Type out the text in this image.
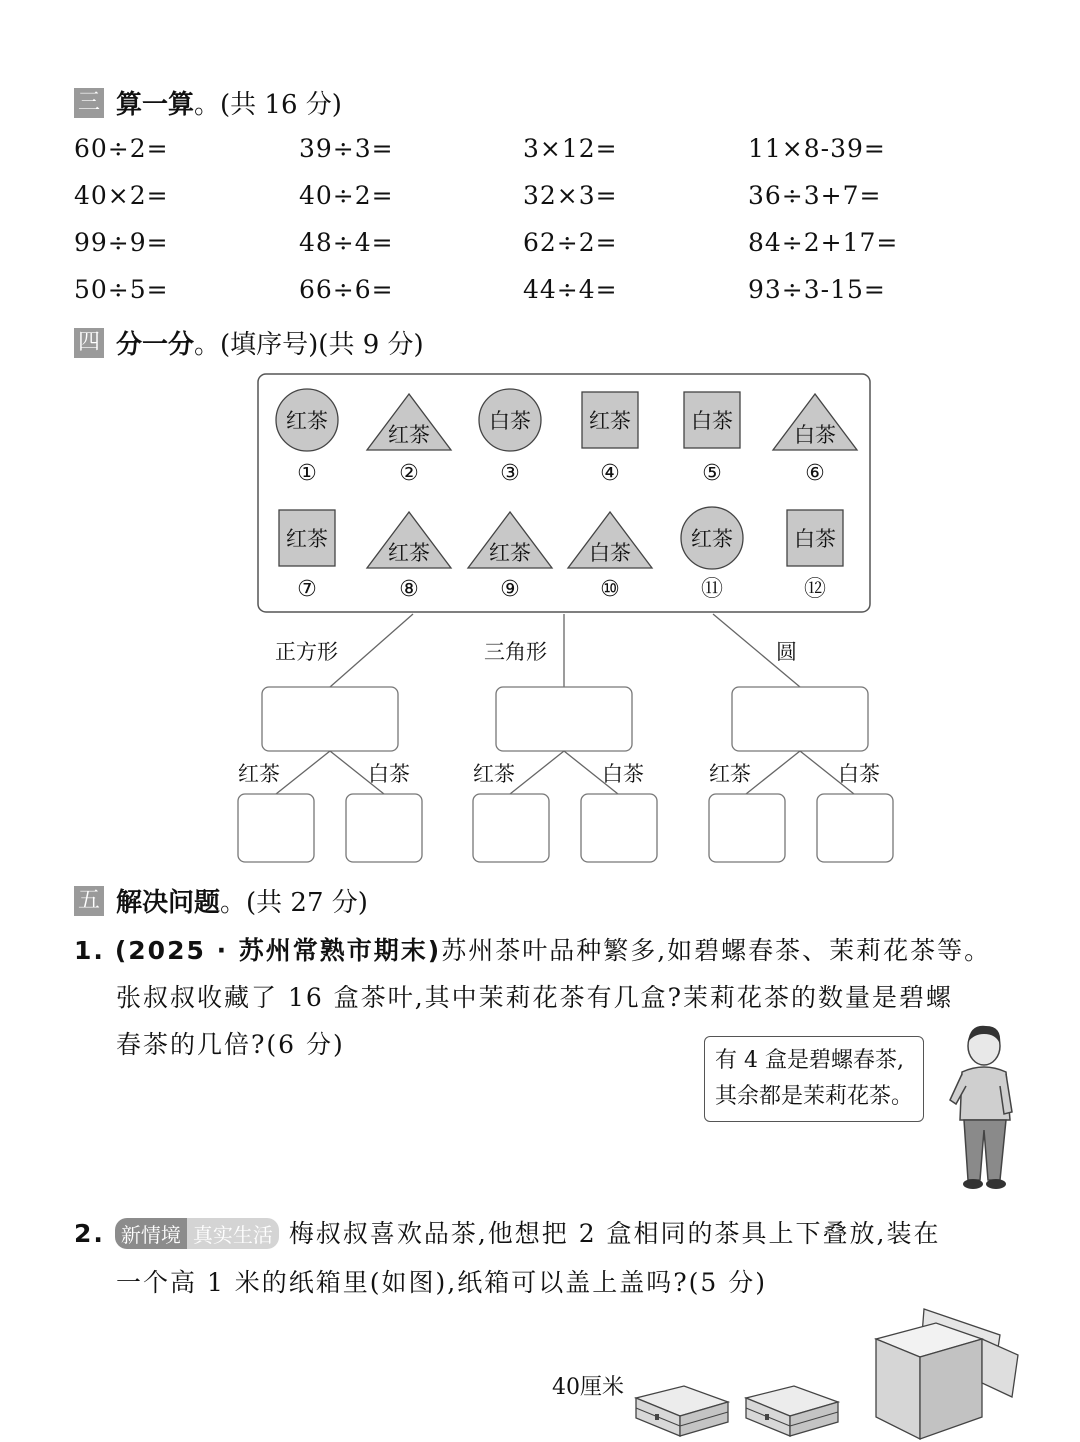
三 算一算 。(共 16 分)
60÷2=	39÷3=	3×12=	11×8-39=
40×2=	40÷2=	32×3=	36÷3+7=
99÷9=	48÷4=	62÷2=	84÷2+17=
50÷5=	66÷6=	44÷4=	93÷3-15=
四 分一分 。(填序号)(共 9 分)
红茶
①
红茶
②
白茶
③
红茶
④
白茶
⑤
白茶
⑥
红茶
⑦
红茶
⑧
红茶
⑨
白茶
⑩
红茶
⑪
白茶
⑫
正方形	三角形	圆
红茶	白茶	红茶	白茶	红茶	白茶
五 解决问题 。(共 27 分)
1. (2025 · 苏州常熟市期末)苏州茶叶品种繁多,如碧螺春茶、茉莉花茶等。
张叔叔收藏了 16 盒茶叶,其中茉莉花茶有几盒?茉莉花茶的数量是碧螺
春茶的几倍?(6 分)
有 4 盒是碧螺春茶,
其余都是茉莉花茶。
2. 新情境 真实生活 梅叔叔喜欢品茶,他想把 2 盒相同的茶具上下叠放,装在
一个高 1 米的纸箱里(如图),纸箱可以盖上盖吗?(5 分)
40厘米
